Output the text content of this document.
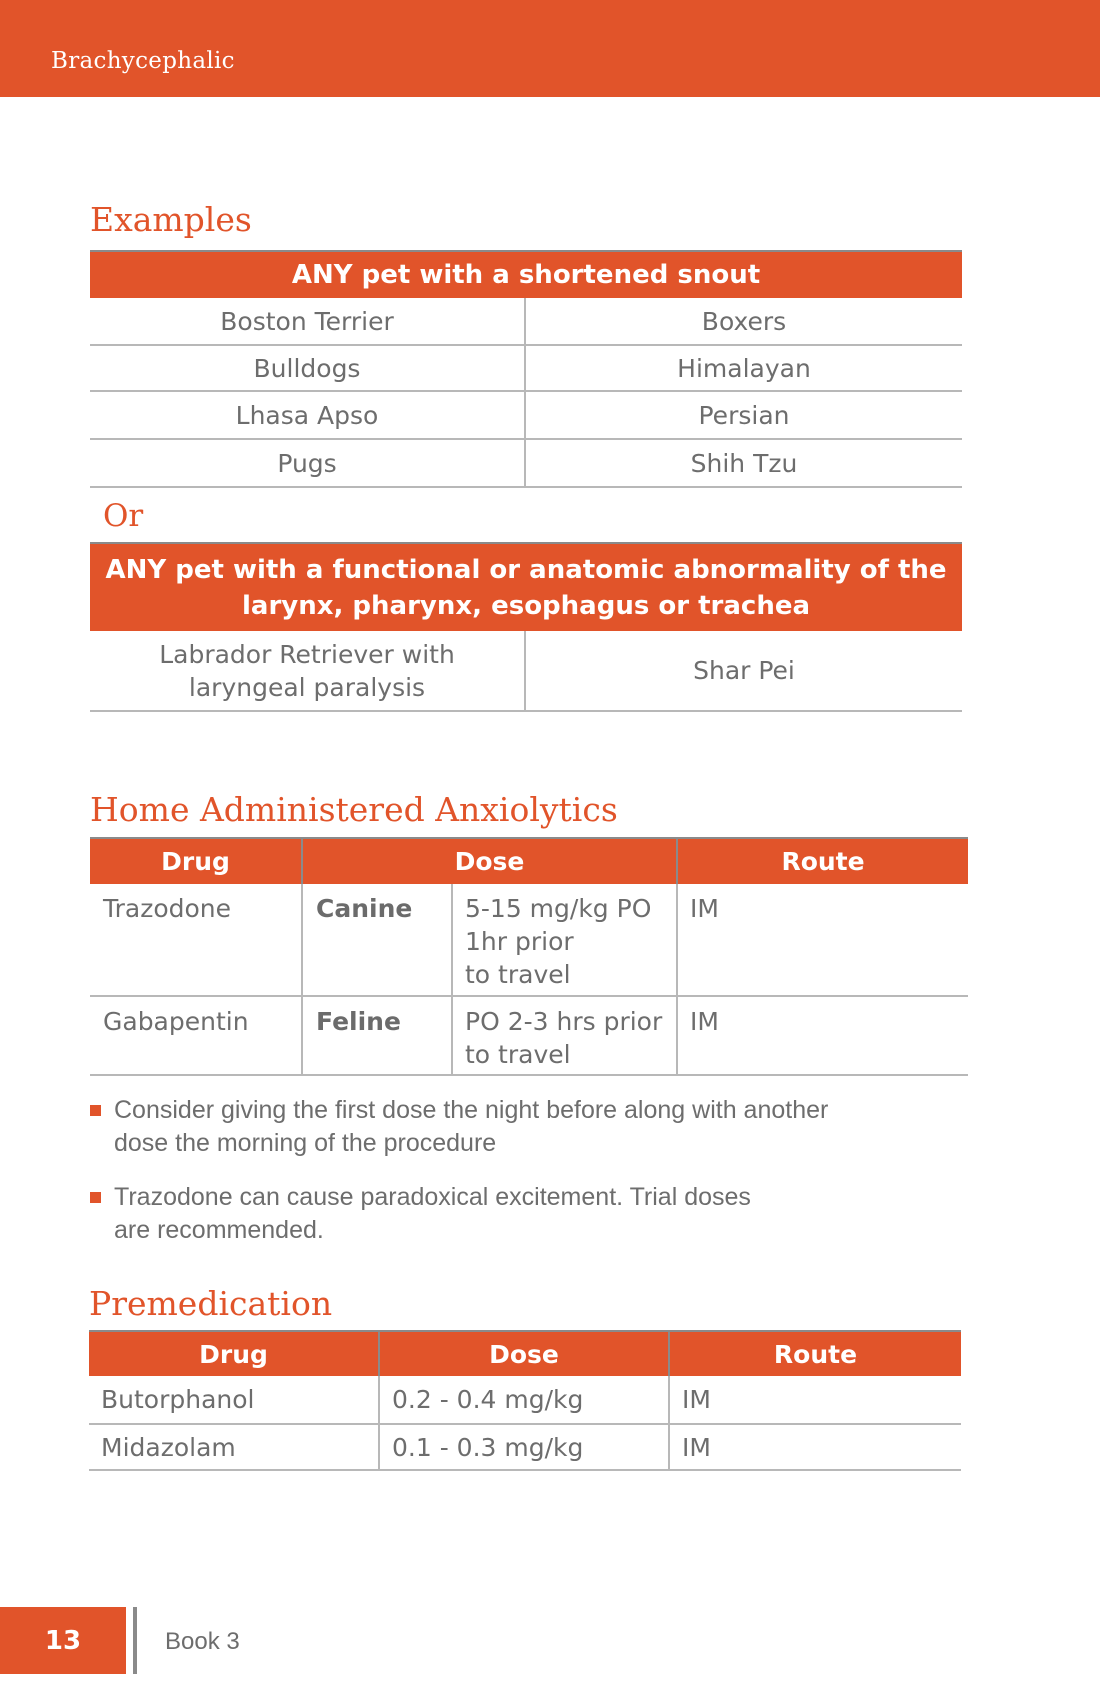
Brachycephalic
Examples
ANY pet with a shortened snout	
Boston Terrier	Boxers
Bulldogs	Himalayan
Lhasa Apso	Persian
Pugs	Shih Tzu
Or
ANY pet with a functional or anatomic abnormality of the
larynx, pharynx, esophagus or trachea
Labrador Retriever with
laryngeal paralysis	Shar Pei
Home Administered Anxiolytics
Drug	Dose		Route
Trazodone	Canine	5-15 mg/kg PO
1hr prior
to travel	IM
Gabapentin	Feline	PO 2-3 hrs prior
to travel	IM
Consider giving the first dose the night before along with another
dose the morning of the procedure
Trazodone can cause paradoxical excitement. Trial doses
are recommended.
Premedication
Drug	Dose	Route
Butorphanol	0.2 - 0.4 mg/kg	IM
Midazolam	0.1 - 0.3 mg/kg	IM
13	Book 3
